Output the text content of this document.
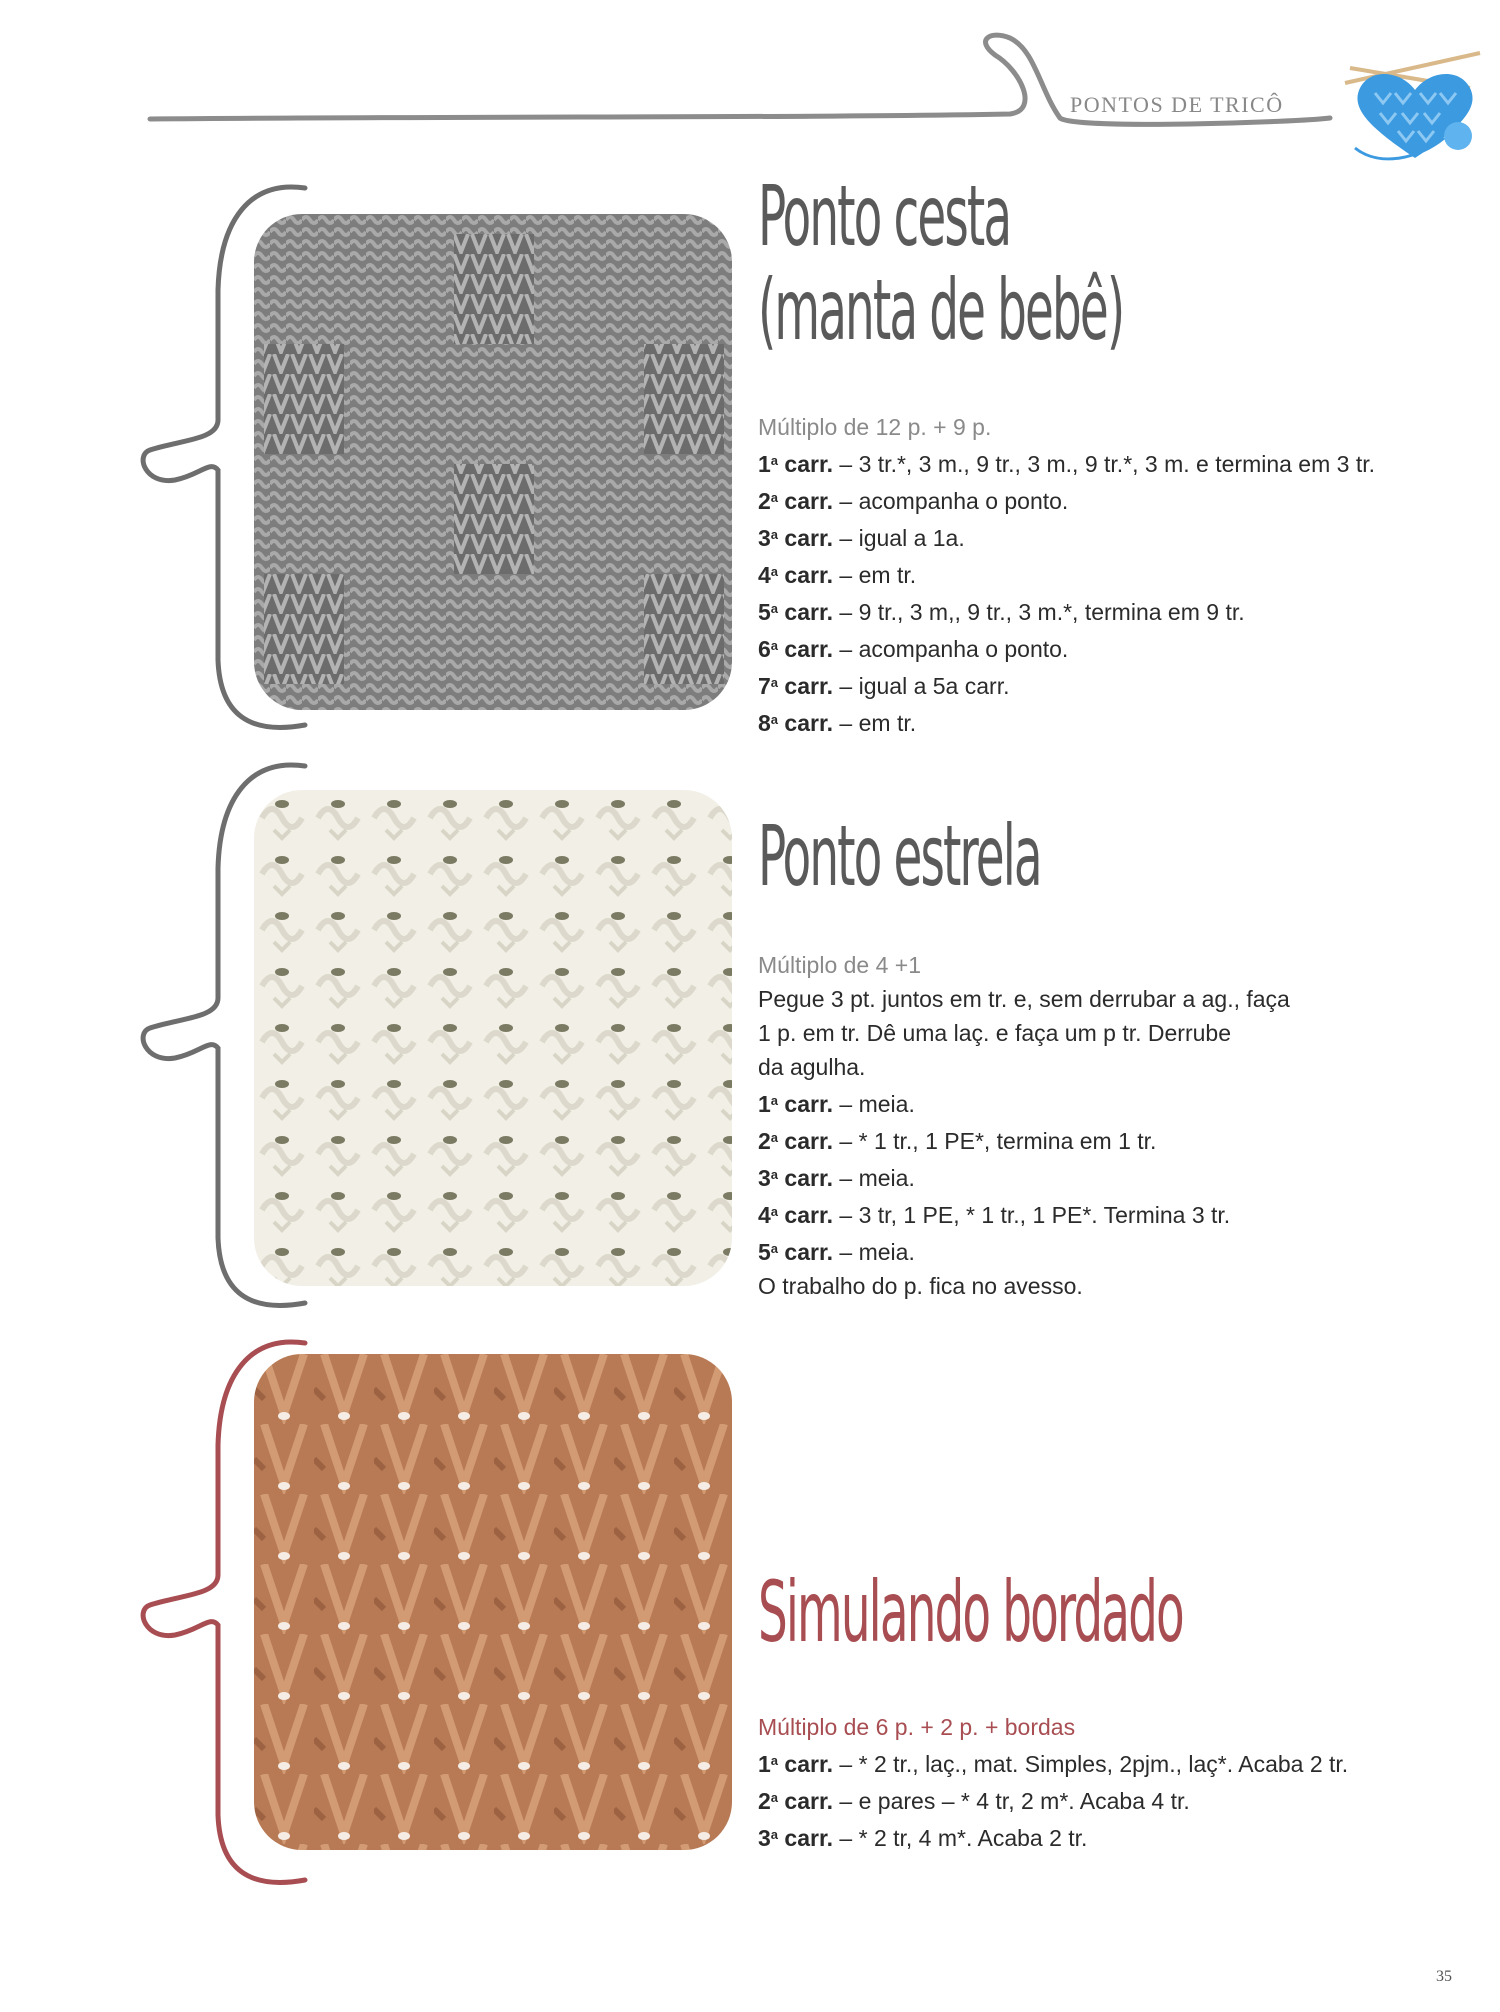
PONTOS DE TRICÔ
Ponto cesta
(manta de bebê)
Múltiplo de 12 p. + 9 p.
1$^a$ carr. – 3 tr.*, 3 m., 9 tr., 3 m., 9 tr.*, 3 m. e termina em 3 tr.
2$^a$ carr. – acompanha o ponto.
3$^a$ carr. – igual a 1a.
4$^a$ carr. – em tr.
5$^a$ carr. – 9 tr., 3 m,, 9 tr., 3 m.*, termina em 9 tr.
6$^a$ carr. – acompanha o ponto.
7$^a$ carr. – igual a 5a carr.
8$^a$ carr. – em tr.
Ponto estrela
Múltiplo de 4 +1
Pegue 3 pt. juntos em tr. e, sem derrubar a ag., faça
1 p. em tr. Dê uma laç. e faça um p tr. Derrube
da agulha.
1$^a$ carr. – meia.
2$^a$ carr. – * 1 tr., 1 PE*, termina em 1 tr.
3$^a$ carr. – meia.
4$^a$ carr. – 3 tr, 1 PE, * 1 tr., 1 PE*. Termina 3 tr.
5$^a$ carr. – meia.
O trabalho do p. fica no avesso.
Simulando bordado
Múltiplo de 6 p. + 2 p. + bordas
1$^a$ carr. – * 2 tr., laç., mat. Simples, 2pjm., laç*. Acaba 2 tr.
2$^a$ carr. – e pares – * 4 tr, 2 m*. Acaba 4 tr.
3$^a$ carr. – * 2 tr, 4 m*. Acaba 2 tr.
35
